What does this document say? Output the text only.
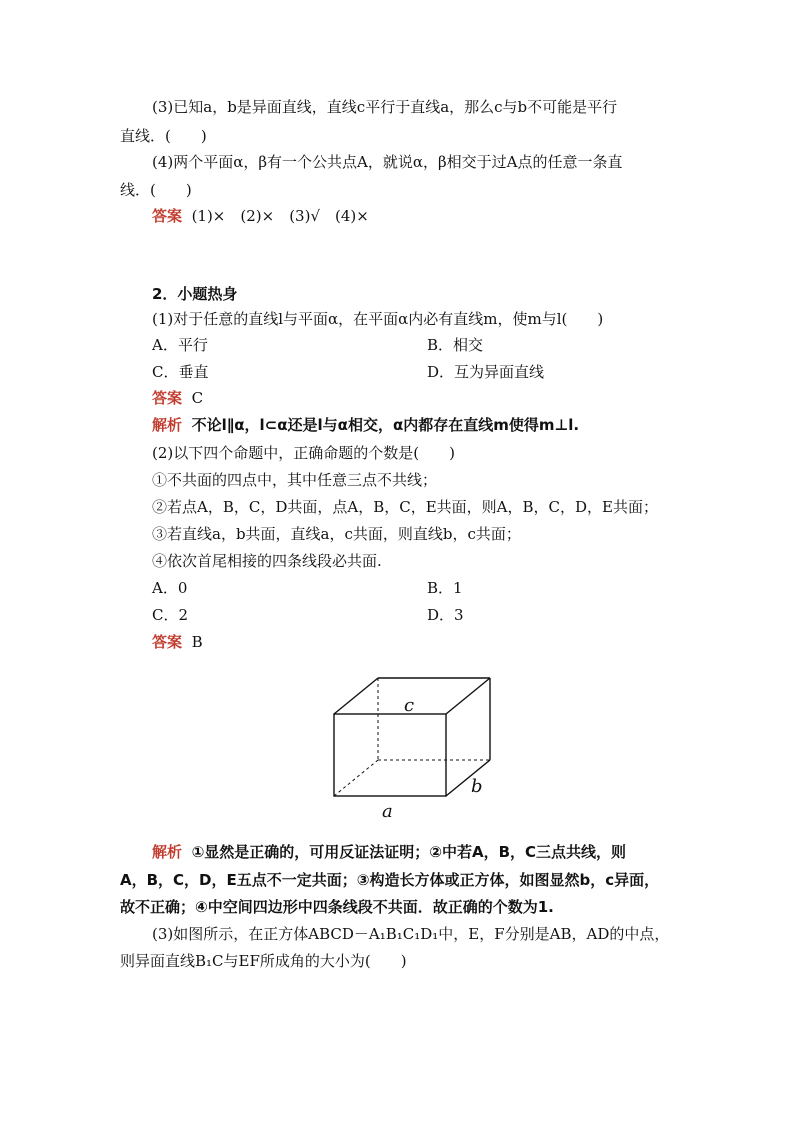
(3)已知a，b是异面直线，直线c平行于直线a，那么c与b不可能是平行
直线．(　　)
(4)两个平面α，β有一个公共点A，就说α，β相交于过A点的任意一条直
线．(　　)
答案 (1)×　(2)×　(3)√　(4)×
2．小题热身
(1)对于任意的直线l与平面α，在平面α内必有直线m，使m与l(　　)
A．平行	B．相交
C．垂直	D．互为异面直线
答案 C
解析 不论l∥α，l⊂α还是l与α相交，α内都存在直线m使得m⊥l.
(2)以下四个命题中，正确命题的个数是(　　)
①不共面的四点中，其中任意三点不共线；
②若点A，B，C，D共面，点A，B，C，E共面，则A，B，C，D，E共面；
③若直线a，b共面，直线a，c共面，则直线b，c共面；
④依次首尾相接的四条线段必共面.
A．0	B．1
C．2	D．3
答案 B
c
a
b
解析 ①显然是正确的，可用反证法证明；②中若A，B，C三点共线，则
A，B，C，D，E五点不一定共面；③构造长方体或正方体，如图显然b，c异面，
故不正确；④中空间四边形中四条线段不共面．故正确的个数为1.
(3)如图所示，在正方体ABCD－A₁B₁C₁D₁中，E，F分别是AB，AD的中点，
则异面直线B₁C与EF所成角的大小为(　　)
